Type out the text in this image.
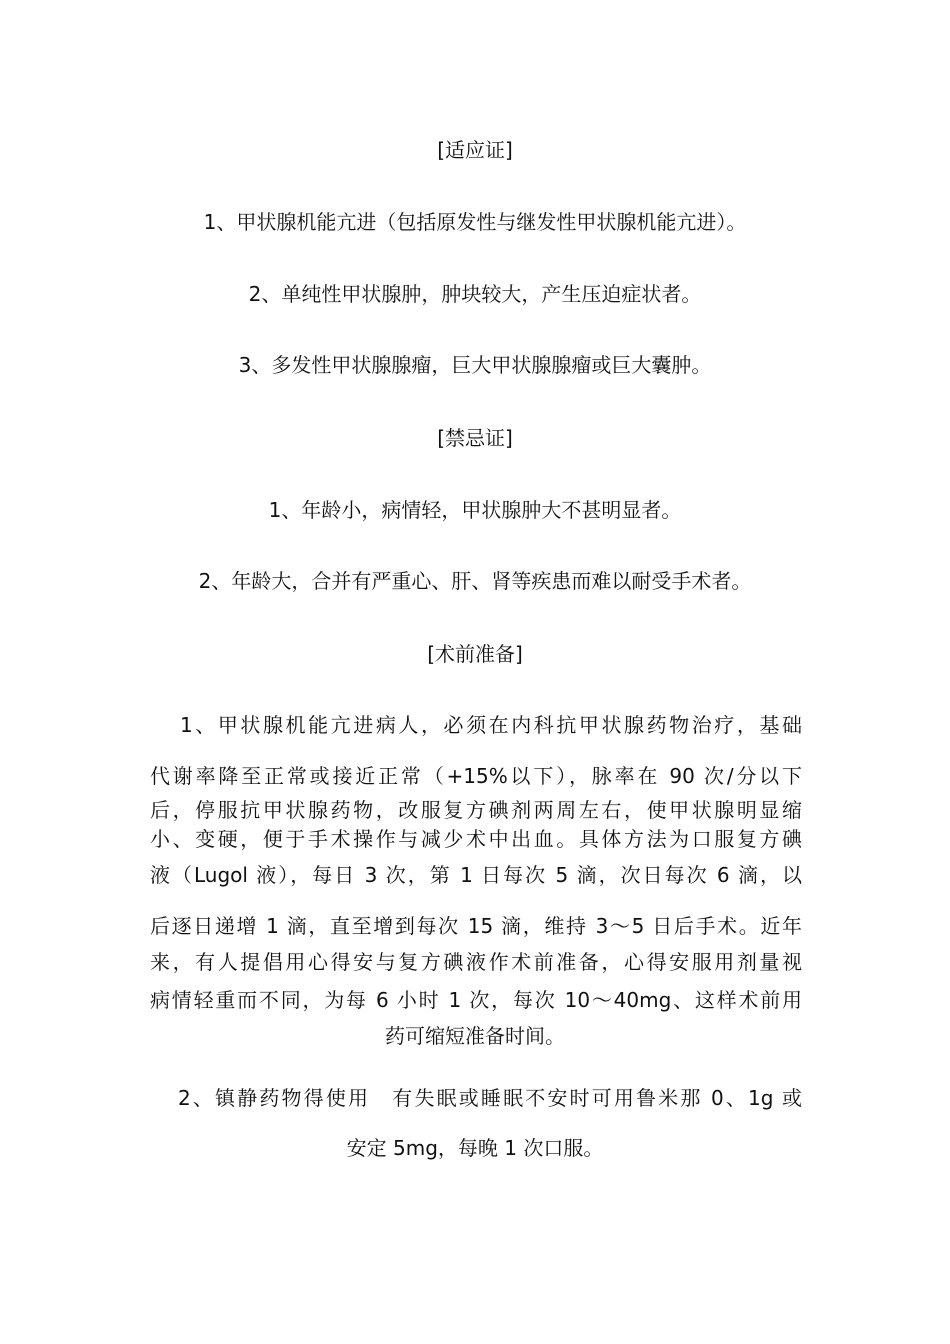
[适应证]
1、甲状腺机能亢进（包括原发性与继发性甲状腺机能亢进）。
2、单纯性甲状腺肿，肿块较大，产生压迫症状者。
3、多发性甲状腺腺瘤，巨大甲状腺腺瘤或巨大囊肿。
[禁忌证]
1、年龄小，病情轻，甲状腺肿大不甚明显者。
2、年龄大，合并有严重心、肝、肾等疾患而难以耐受手术者。
[术前准备]
1、甲状腺机能亢进病人，必须在内科抗甲状腺药物治疗，基础
代谢率降至正常或接近正常（+15%以下），脉率在 90 次/分以下
后，停服抗甲状腺药物，改服复方碘剂两周左右，使甲状腺明显缩
小、变硬，便于手术操作与减少术中出血。具体方法为口服复方碘
液（Lugol 液），每日 3 次，第 1 日每次 5 滴，次日每次 6 滴，以
后逐日递增 1 滴，直至增到每次 15 滴，维持 3～5 日后手术。近年
来，有人提倡用心得安与复方碘液作术前准备，心得安服用剂量视
病情轻重而不同，为每 6 小时 1 次，每次 10～40mg、这样术前用
药可缩短准备时间。
2、镇静药物得使用　有失眠或睡眠不安时可用鲁米那 0、1g 或
安定 5mg，每晚 1 次口服。
